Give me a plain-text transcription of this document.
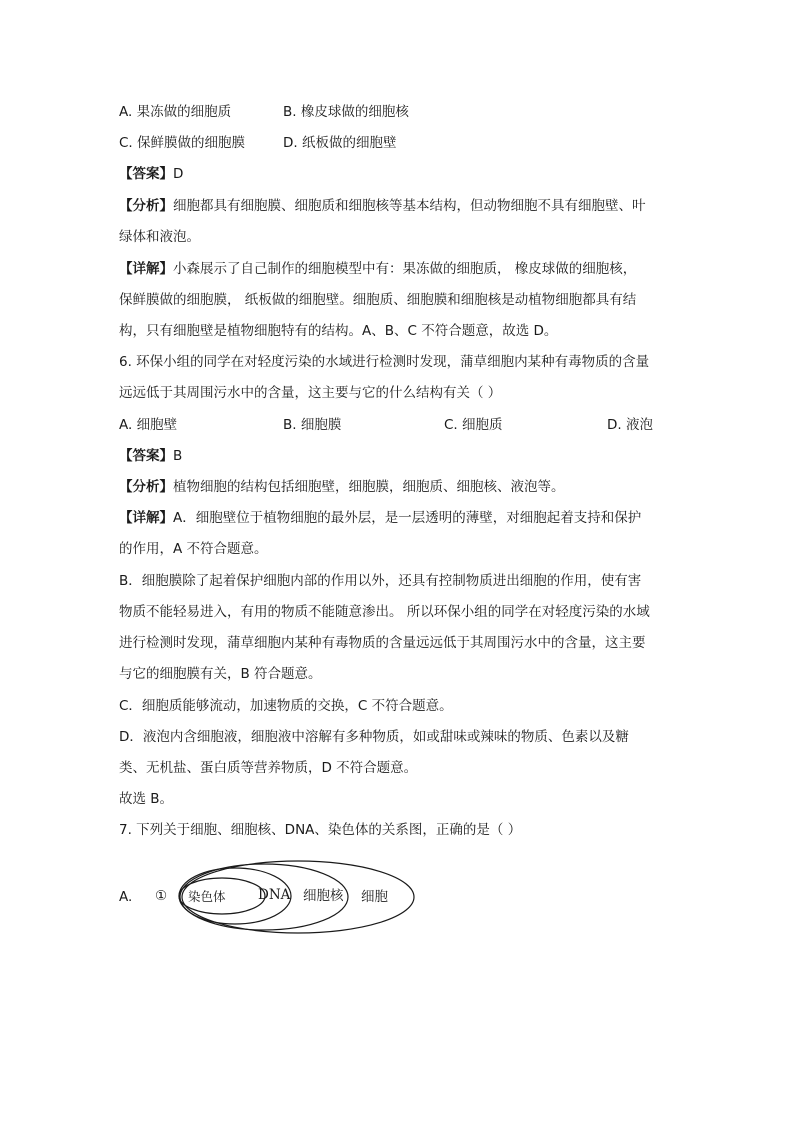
A. 果冻做的细胞质	B. 橡皮球做的细胞核
C. 保鲜膜做的细胞膜	D. 纸板做的细胞壁
【答案】D
【分析】细胞都具有细胞膜、细胞质和细胞核等基本结构，但动物细胞不具有细胞壁、叶
绿体和液泡。
【详解】小森展示了自己制作的细胞模型中有：果冻做的细胞质， 橡皮球做的细胞核，
保鲜膜做的细胞膜， 纸板做的细胞壁。细胞质、细胞膜和细胞核是动植物细胞都具有结
构，只有细胞壁是植物细胞特有的结构。A、B、C 不符合题意，故选 D。
6. 环保小组的同学在对轻度污染的水域进行检测时发现，蒲草细胞内某种有毒物质的含量
远远低于其周围污水中的含量，这主要与它的什么结构有关（ ）
A. 细胞壁	B. 细胞膜	C. 细胞质	D. 液泡
【答案】B
【分析】植物细胞的结构包括细胞壁，细胞膜，细胞质、细胞核、液泡等。
【详解】A．细胞壁位于植物细胞的最外层，是一层透明的薄壁，对细胞起着支持和保护
的作用，A 不符合题意。
B．细胞膜除了起着保护细胞内部的作用以外，还具有控制物质进出细胞的作用，使有害
物质不能轻易进入，有用的物质不能随意渗出。 所以环保小组的同学在对轻度污染的水域
进行检测时发现，蒲草细胞内某种有毒物质的含量远远低于其周围污水中的含量，这主要
与它的细胞膜有关，B 符合题意。
C．细胞质能够流动，加速物质的交换，C 不符合题意。
D．液泡内含细胞液，细胞液中溶解有多种物质，如或甜味或辣味的物质、色素以及糖
类、无机盐、蛋白质等营养物质，D 不符合题意。
故选 B。
7. 下列关于细胞、细胞核、DNA、染色体的关系图，正确的是（ ）
A. ① 染色体 DNA 细胞核 细胞
